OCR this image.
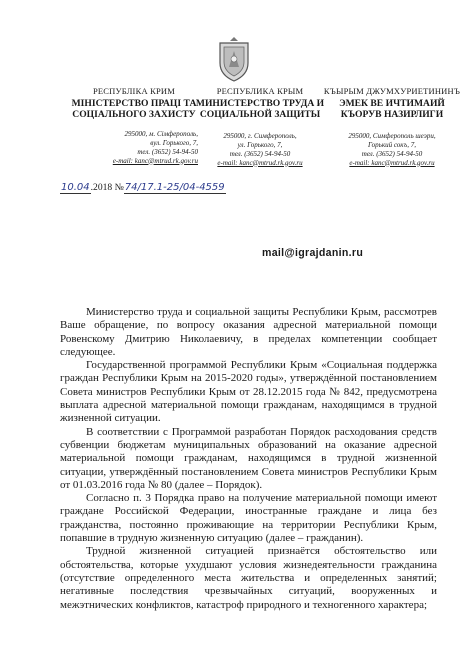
РЕСПУБЛІКА КРИМ
МІНІСТЕРСТВО ПРАЦІ ТА СОЦІАЛЬНОГО ЗАХИСТУ
295000, м. Сімферополь,
вул. Горького, 7,
тел. (3652) 54-94-50
e-mail: kanc@mtrud.rk.gov.ru
РЕСПУБЛИКА КРЫМ
МИНИСТЕРСТВО ТРУДА И СОЦИАЛЬНОЙ ЗАЩИТЫ
295000, г. Симферополь,
ул. Горького, 7,
тел. (3652) 54-94-50
e-mail: kanc@mtrud.rk.gov.ru
КЪЫРЫМ ДЖУМХУРИЕТИНИНЪ
ЭМЕК ВЕ ИЧТИМАИЙ КЪОРУВ НАЗИРЛИГИ
295000, Симферополь шеэри,
Горький сокъ, 7,
тел. (3652) 54-94-50
e-mail: kanc@mtrud.rk.gov.ru
10.04.2018 №74/17.1-25/04-4559
mail@igrajdanin.ru

Министерство труда и социальной защиты Республики Крым, рассмотрев Ваше обращение, по вопросу оказания адресной материальной помощи Ровенскому Дмитрию Николаевичу, в пределах компетенции сообщает следующее.

Государственной программой Республики Крым «Социальная поддержка граждан Республики Крым на 2015-2020 годы», утверждённой постановлением Совета министров Республики Крым от 28.12.2015 года № 842, предусмотрена выплата адресной материальной помощи гражданам, находящимся в трудной жизненной ситуации.

В соответствии с Программой разработан Порядок расходования средств субвенции бюджетам муниципальных образований на оказание адресной материальной помощи гражданам, находящимся в трудной жизненной ситуации, утверждённый постановлением Совета министров Республики Крым от 01.03.2016 года № 80 (далее – Порядок).

Согласно п. 3 Порядка право на получение материальной помощи имеют граждане Российской Федерации, иностранные граждане и лица без гражданства, постоянно проживающие на территории Республики Крым, попавшие в трудную жизненную ситуацию (далее – гражданин).

Трудной жизненной ситуацией признаётся обстоятельство или обстоятельства, которые ухудшают условия жизнедеятельности гражданина (отсутствие определенного места жительства и определенных занятий; негативные последствия чрезвычайных ситуаций, вооруженных и межэтнических конфликтов, катастроф природного и техногенного характера;
